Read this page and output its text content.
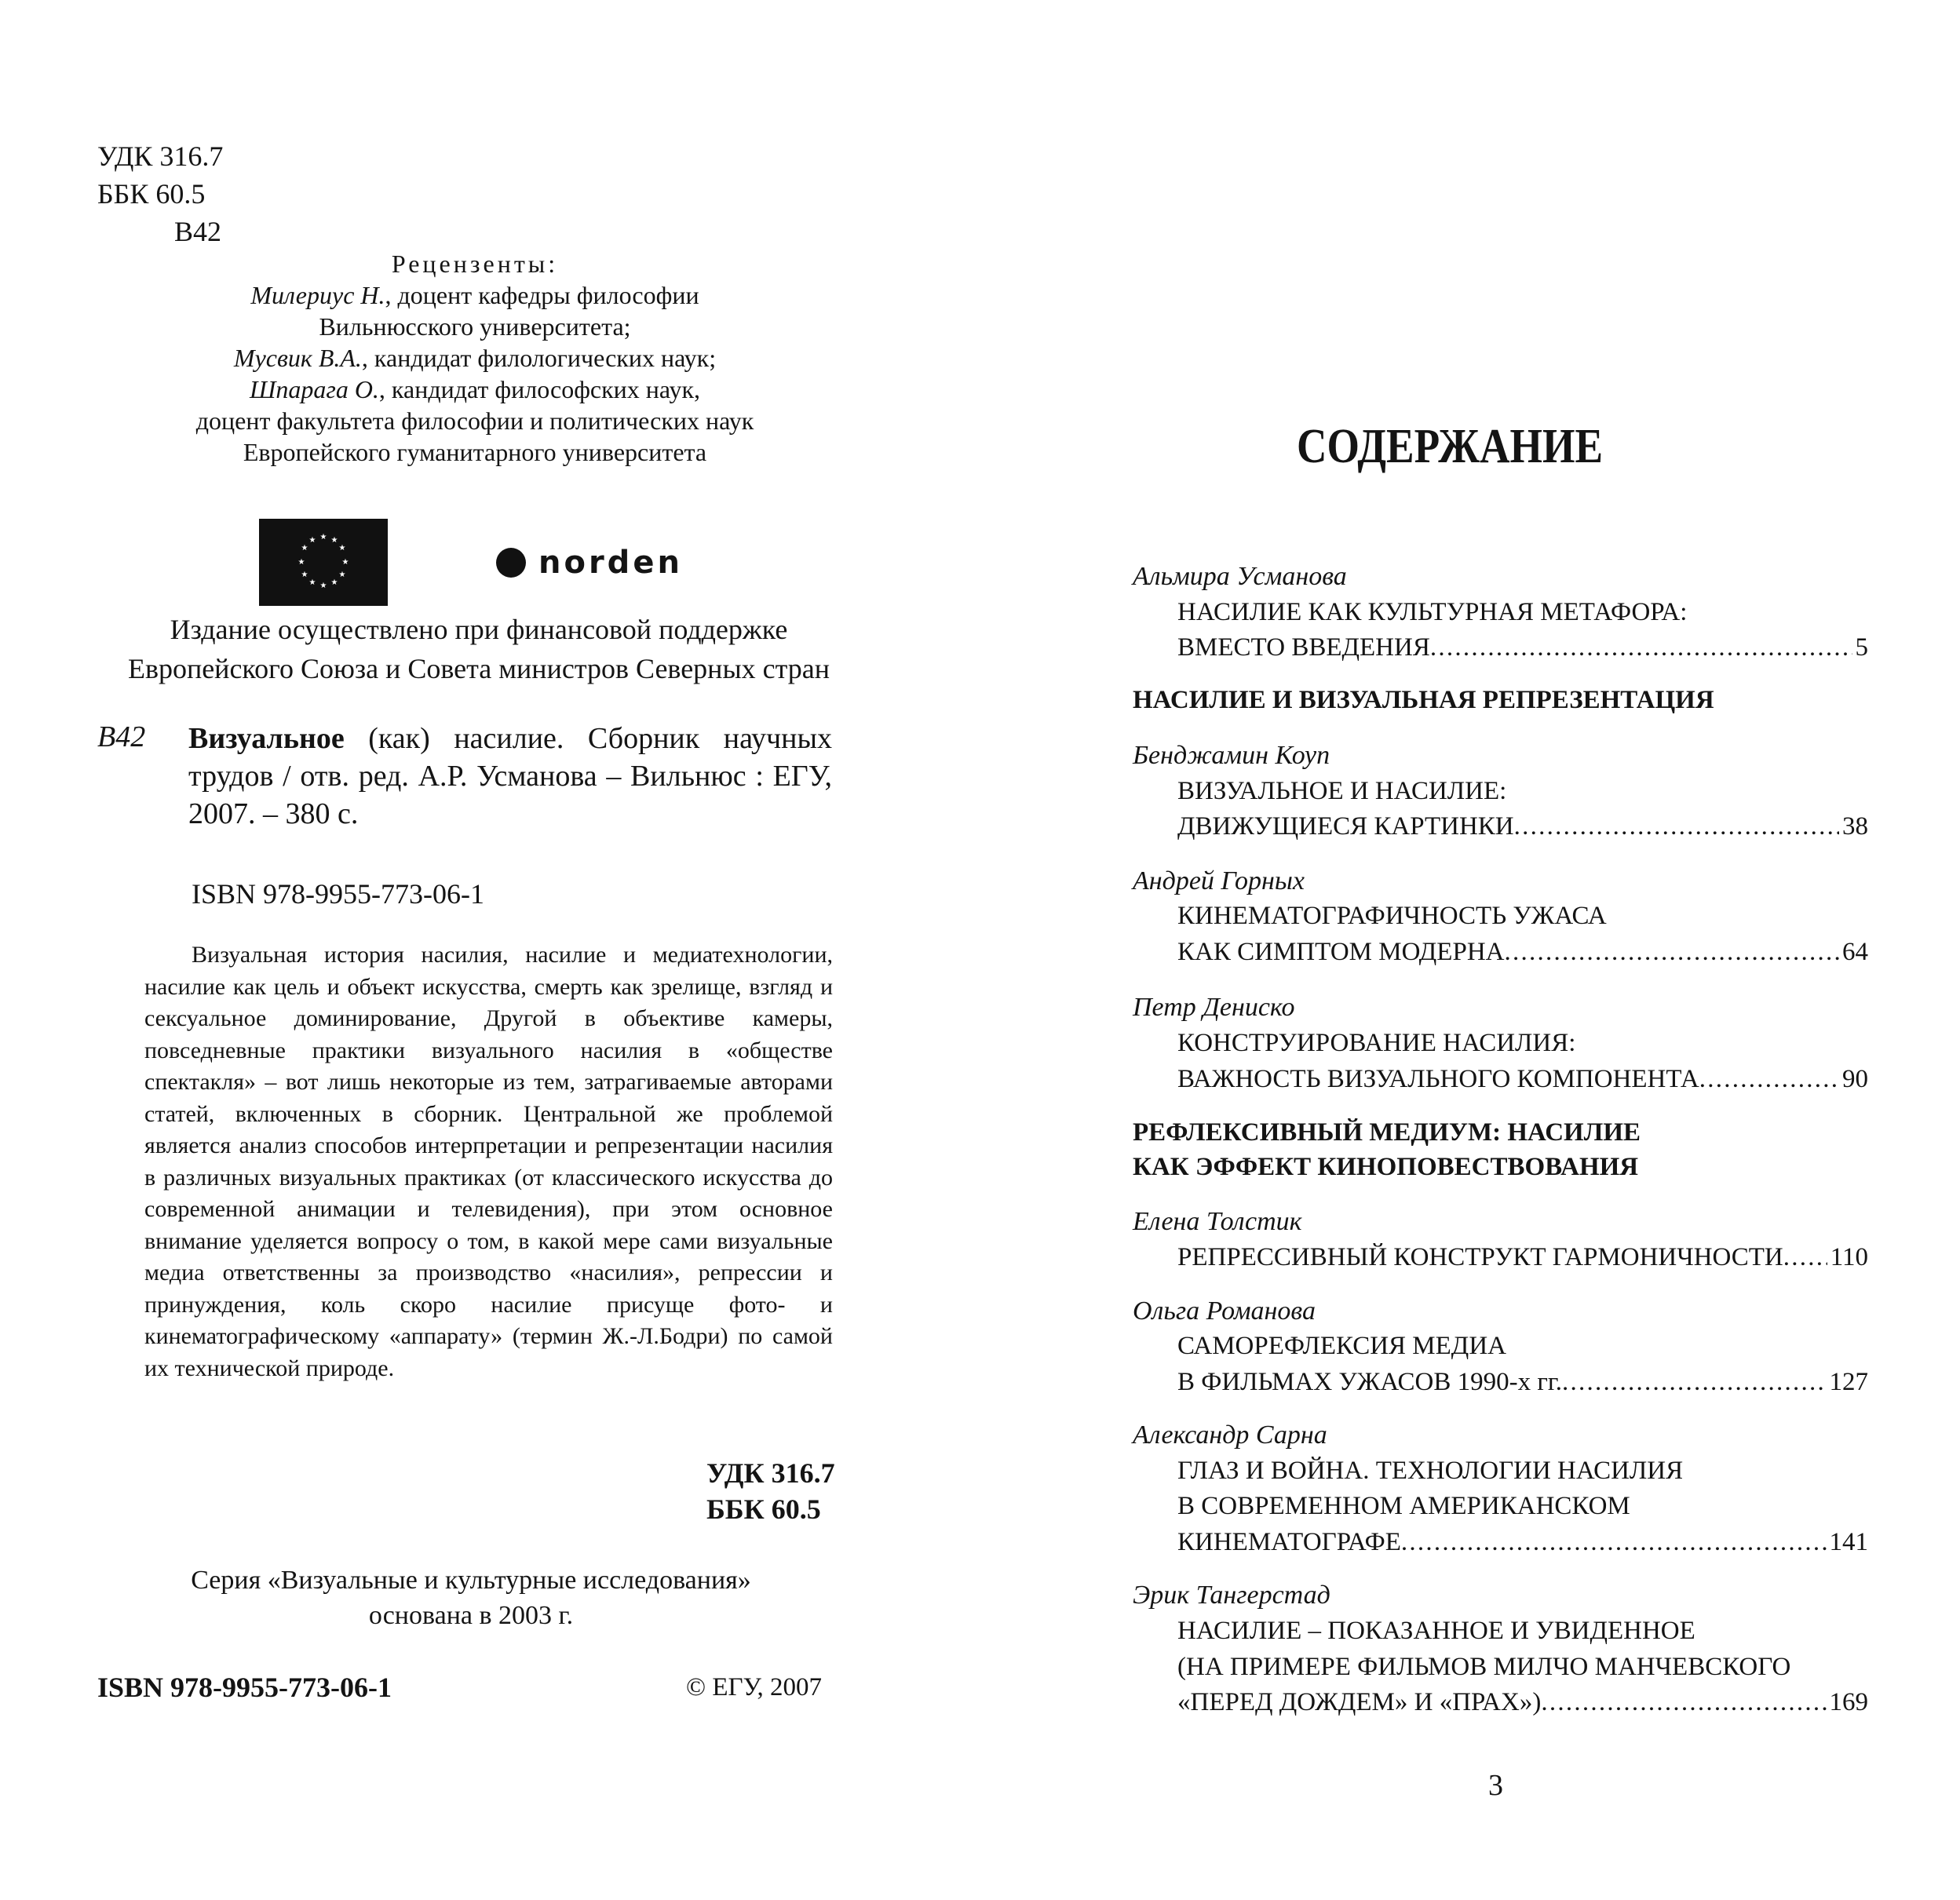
УДК 316.7
ББК 60.5
В42
Рецензенты:
Милериус Н., доцент кафедры философии
Вильнюсского университета;
Мусвик В.А., кандидат филологических наук;
Шпарага О., кандидат философских наук,
доцент факультета философии и политических наук
Европейского гуманитарного университета
★ ★
★
★
★
★
★
★
★
★
★
★
norden
Издание осуществлено при финансовой поддержке
Европейского Союза и Совета министров Северных стран
В42 Визуальное (как) насилие. Сборник научных трудов / отв. ред. А.Р. Усманова – Вильнюс : ЕГУ, 2007. – 380 с.
ISBN 978-9955-773-06-1

Визуальная история насилия, насилие и медиатехнологии, насилие как цель и объект искусства, смерть как зрелище, взгляд и сексуальное доминирование, Другой в объективе камеры, повседневные практики визуального насилия в «обществе спектакля» – вот лишь некоторые из тем, затрагиваемые авторами статей, включенных в сборник. Центральной же проблемой является анализ способов интерпретации и репрезентации насилия в различных визуальных практиках (от классического искусства до современной анимации и телевидения), при этом основное внимание уделяется вопросу о том, в какой мере сами визуальные медиа ответственны за производство «насилия», репрессии и принуждения, коль скоро насилие присуще фото- и кинематографическому «аппарату» (термин Ж.-Л.Бодри) по самой их технической природе.

УДК 316.7
ББК 60.5
Серия «Визуальные и культурные исследования»
основана в 2003 г.
ISBN 978-9955-773-06-1	© ЕГУ, 2007
СОДЕРЖАНИЕ
Альмира Усманова
НАСИЛИЕ КАК КУЛЬТУРНАЯ МЕТАФОРА:
ВМЕСТО ВВЕДЕНИЯ . . .	5
НАСИЛИЕ И ВИЗУАЛЬНАЯ РЕПРЕЗЕНТАЦИЯ
Бенджамин Коуп
ВИЗУАЛЬНОЕ И НАСИЛИЕ:
ДВИЖУЩИЕСЯ КАРТИНКИ . . .	38
Андрей Горных
КИНЕМАТОГРАФИЧНОСТЬ УЖАСА
КАК СИМПТОМ МОДЕРНА . . .	64
Петр Дениско
КОНСТРУИРОВАНИЕ НАСИЛИЯ:
ВАЖНОСТЬ ВИЗУАЛЬНОГО КОМПОНЕНТА . . .	90
РЕФЛЕКСИВНЫЙ МЕДИУМ: НАСИЛИЕ
КАК ЭФФЕКТ КИНОПОВЕСТВОВАНИЯ
Елена Толстик
РЕПРЕССИВНЫЙ КОНСТРУКТ ГАРМОНИЧНОСТИ . . . 110
Ольга Романова
САМОРЕФЛЕКСИЯ МЕДИА
В ФИЛЬМАХ УЖАСОВ 1990-х гг. . . .	127
Александр Сарна
ГЛАЗ И ВОЙНА. ТЕХНОЛОГИИ НАСИЛИЯ
В СОВРЕМЕННОМ АМЕРИКАНСКОМ
КИНЕМАТОГРАФЕ . . .	141
Эрик Тангерстад
НАСИЛИЕ – ПОКАЗАННОЕ И УВИДЕННОЕ
(НА ПРИМЕРЕ ФИЛЬМОВ МИЛЧО МАНЧЕВСКОГО
«ПЕРЕД ДОЖДЕМ» И «ПРАХ») . . .	169
3
